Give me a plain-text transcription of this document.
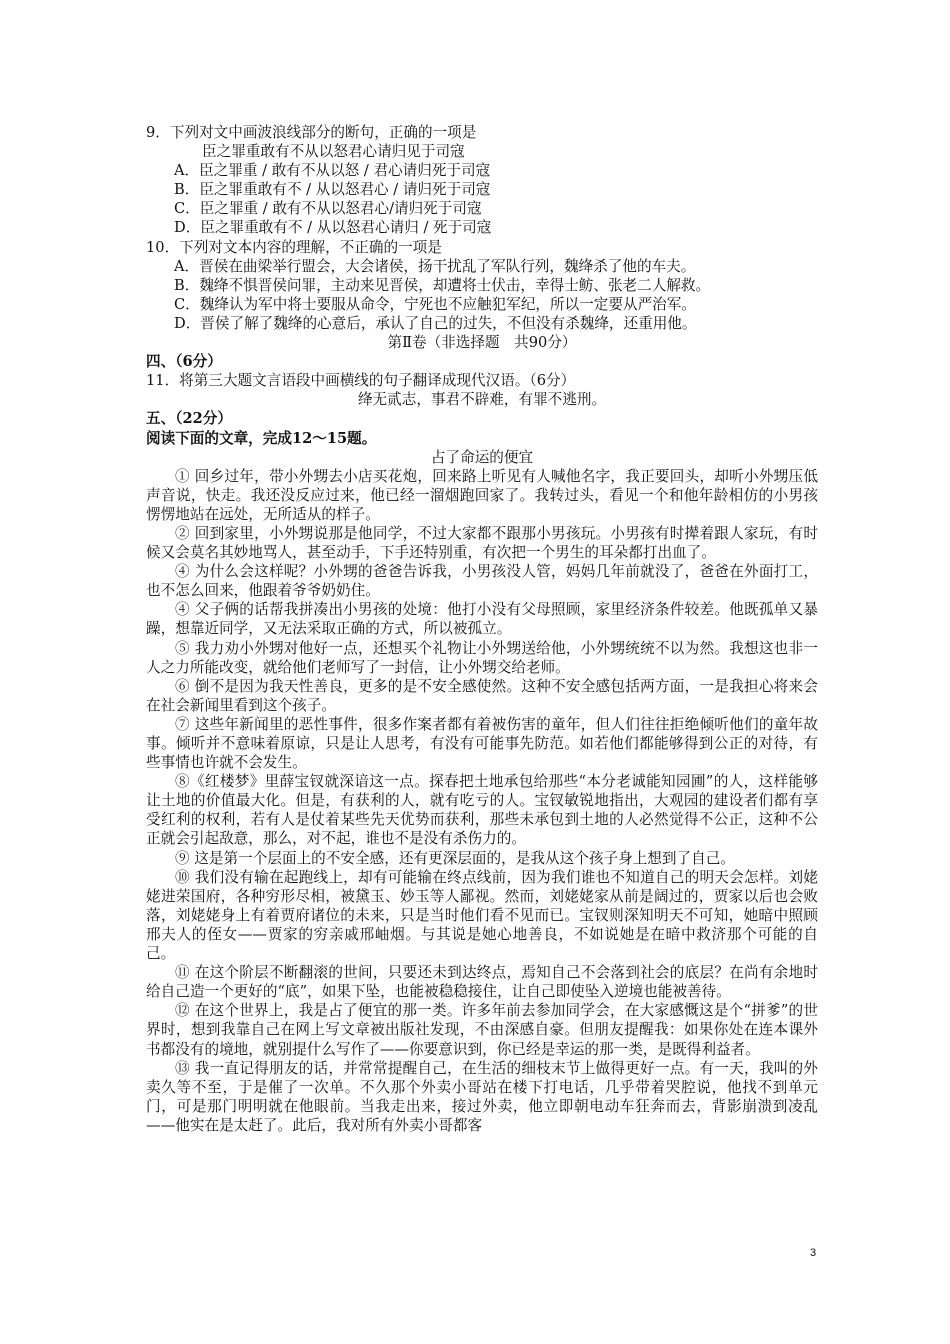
9．下列对文中画波浪线部分的断句，正确的一项是
臣之罪重敢有不从以怒君心请归见于司寇
A．臣之罪重 / 敢有不从以怒 / 君心请归死于司寇
B．臣之罪重敢有不 / 从以怒君心 / 请归死于司寇
C．臣之罪重 / 敢有不从以怒君心/请归死于司寇
D．臣之罪重敢有不 / 从以怒君心请归 / 死于司寇
10．下列对文本内容的理解，不正确的一项是
A．晋侯在曲梁举行盟会，大会诸侯，扬干扰乱了军队行列，魏绛杀了他的车夫。
B．魏绛不惧晋侯问罪，主动来见晋侯，却遭将士伏击，幸得士鲂、张老二人解救。
C．魏绛认为军中将士要服从命令，宁死也不应触犯军纪，所以一定要从严治军。
D．晋侯了解了魏绛的心意后，承认了自己的过失，不但没有杀魏绛，还重用他。
第Ⅱ卷（非选择题　共90分）
四、（6分）
11．将第三大题文言语段中画横线的句子翻译成现代汉语。（6分）
绛无贰志，事君不辟难，有罪不逃刑。
五、（22分）
阅读下面的文章，完成12～15题。
占了命运的便宜

① 回乡过年，带小外甥去小店买花炮，回来路上听见有人喊他名字，我正要回头，却听小外甥压低声音说，快走。我还没反应过来，他已经一溜烟跑回家了。我转过头，看见一个和他年龄相仿的小男孩愣愣地站在远处，无所适从的样子。

② 回到家里，小外甥说那是他同学，不过大家都不跟那小男孩玩。小男孩有时撵着跟人家玩，有时候又会莫名其妙地骂人，甚至动手，下手还特别重，有次把一个男生的耳朵都打出血了。

④ 为什么会这样呢？小外甥的爸爸告诉我，小男孩没人管，妈妈几年前就没了，爸爸在外面打工，也不怎么回来，他跟着爷爷奶奶住。

④ 父子俩的话帮我拼凑出小男孩的处境：他打小没有父母照顾，家里经济条件较差。他既孤单又暴躁，想靠近同学，又无法采取正确的方式，所以被孤立。

⑤ 我力劝小外甥对他好一点，还想买个礼物让小外甥送给他，小外甥统统不以为然。我想这也非一人之力所能改变，就给他们老师写了一封信，让小外甥交给老师。

⑥ 倒不是因为我天性善良，更多的是不安全感使然。这种不安全感包括两方面，一是我担心将来会在社会新闻里看到这个孩子。

⑦ 这些年新闻里的恶性事件，很多作案者都有着被伤害的童年，但人们往往拒绝倾听他们的童年故事。倾听并不意味着原谅，只是让人思考，有没有可能事先防范。如若他们都能够得到公正的对待，有些事情也许就不会发生。

⑧《红楼梦》里薛宝钗就深谙这一点。探春把土地承包给那些“本分老诚能知园圃”的人，这样能够让土地的价值最大化。但是，有获利的人，就有吃亏的人。宝钗敏锐地指出，大观园的建设者们都有享受红利的权利，若有人是仗着某些先天优势而获利，那些未承包到土地的人必然觉得不公正，这种不公正就会引起敌意，那么，对不起，谁也不是没有杀伤力的。

⑨ 这是第一个层面上的不安全感，还有更深层面的，是我从这个孩子身上想到了自己。

⑩ 我们没有输在起跑线上，却有可能输在终点线前，因为我们谁也不知道自己的明天会怎样。刘姥姥进荣国府，各种穷形尽相，被黛玉、妙玉等人鄙视。然而，刘姥姥家从前是阔过的，贾家以后也会败落，刘姥姥身上有着贾府诸位的未来，只是当时他们看不见而已。宝钗则深知明天不可知，她暗中照顾邢夫人的侄女——贾家的穷亲戚邢岫烟。与其说是她心地善良，不如说她是在暗中救济那个可能的自己。

⑪ 在这个阶层不断翻滚的世间，只要还未到达终点，焉知自己不会落到社会的底层？在尚有余地时给自己造一个更好的“底”，如果下坠，也能被稳稳接住，让自己即使坠入逆境也能被善待。

⑫ 在这个世界上，我是占了便宜的那一类。许多年前去参加同学会，在大家感慨这是个“拼爹”的世界时，想到我靠自己在网上写文章被出版社发现，不由深感自豪。但朋友提醒我：如果你处在连本课外书都没有的境地，就别提什么写作了——你要意识到，你已经是幸运的那一类，是既得利益者。

⑬ 我一直记得朋友的话，并常常提醒自己，在生活的细枝末节上做得更好一点。有一天，我叫的外卖久等不至，于是催了一次单。不久那个外卖小哥站在楼下打电话，几乎带着哭腔说，他找不到单元门，可是那门明明就在他眼前。当我走出来，接过外卖，他立即朝电动车狂奔而去，背影崩溃到凌乱——他实在是太赶了。此后，我对所有外卖小哥都客

3
